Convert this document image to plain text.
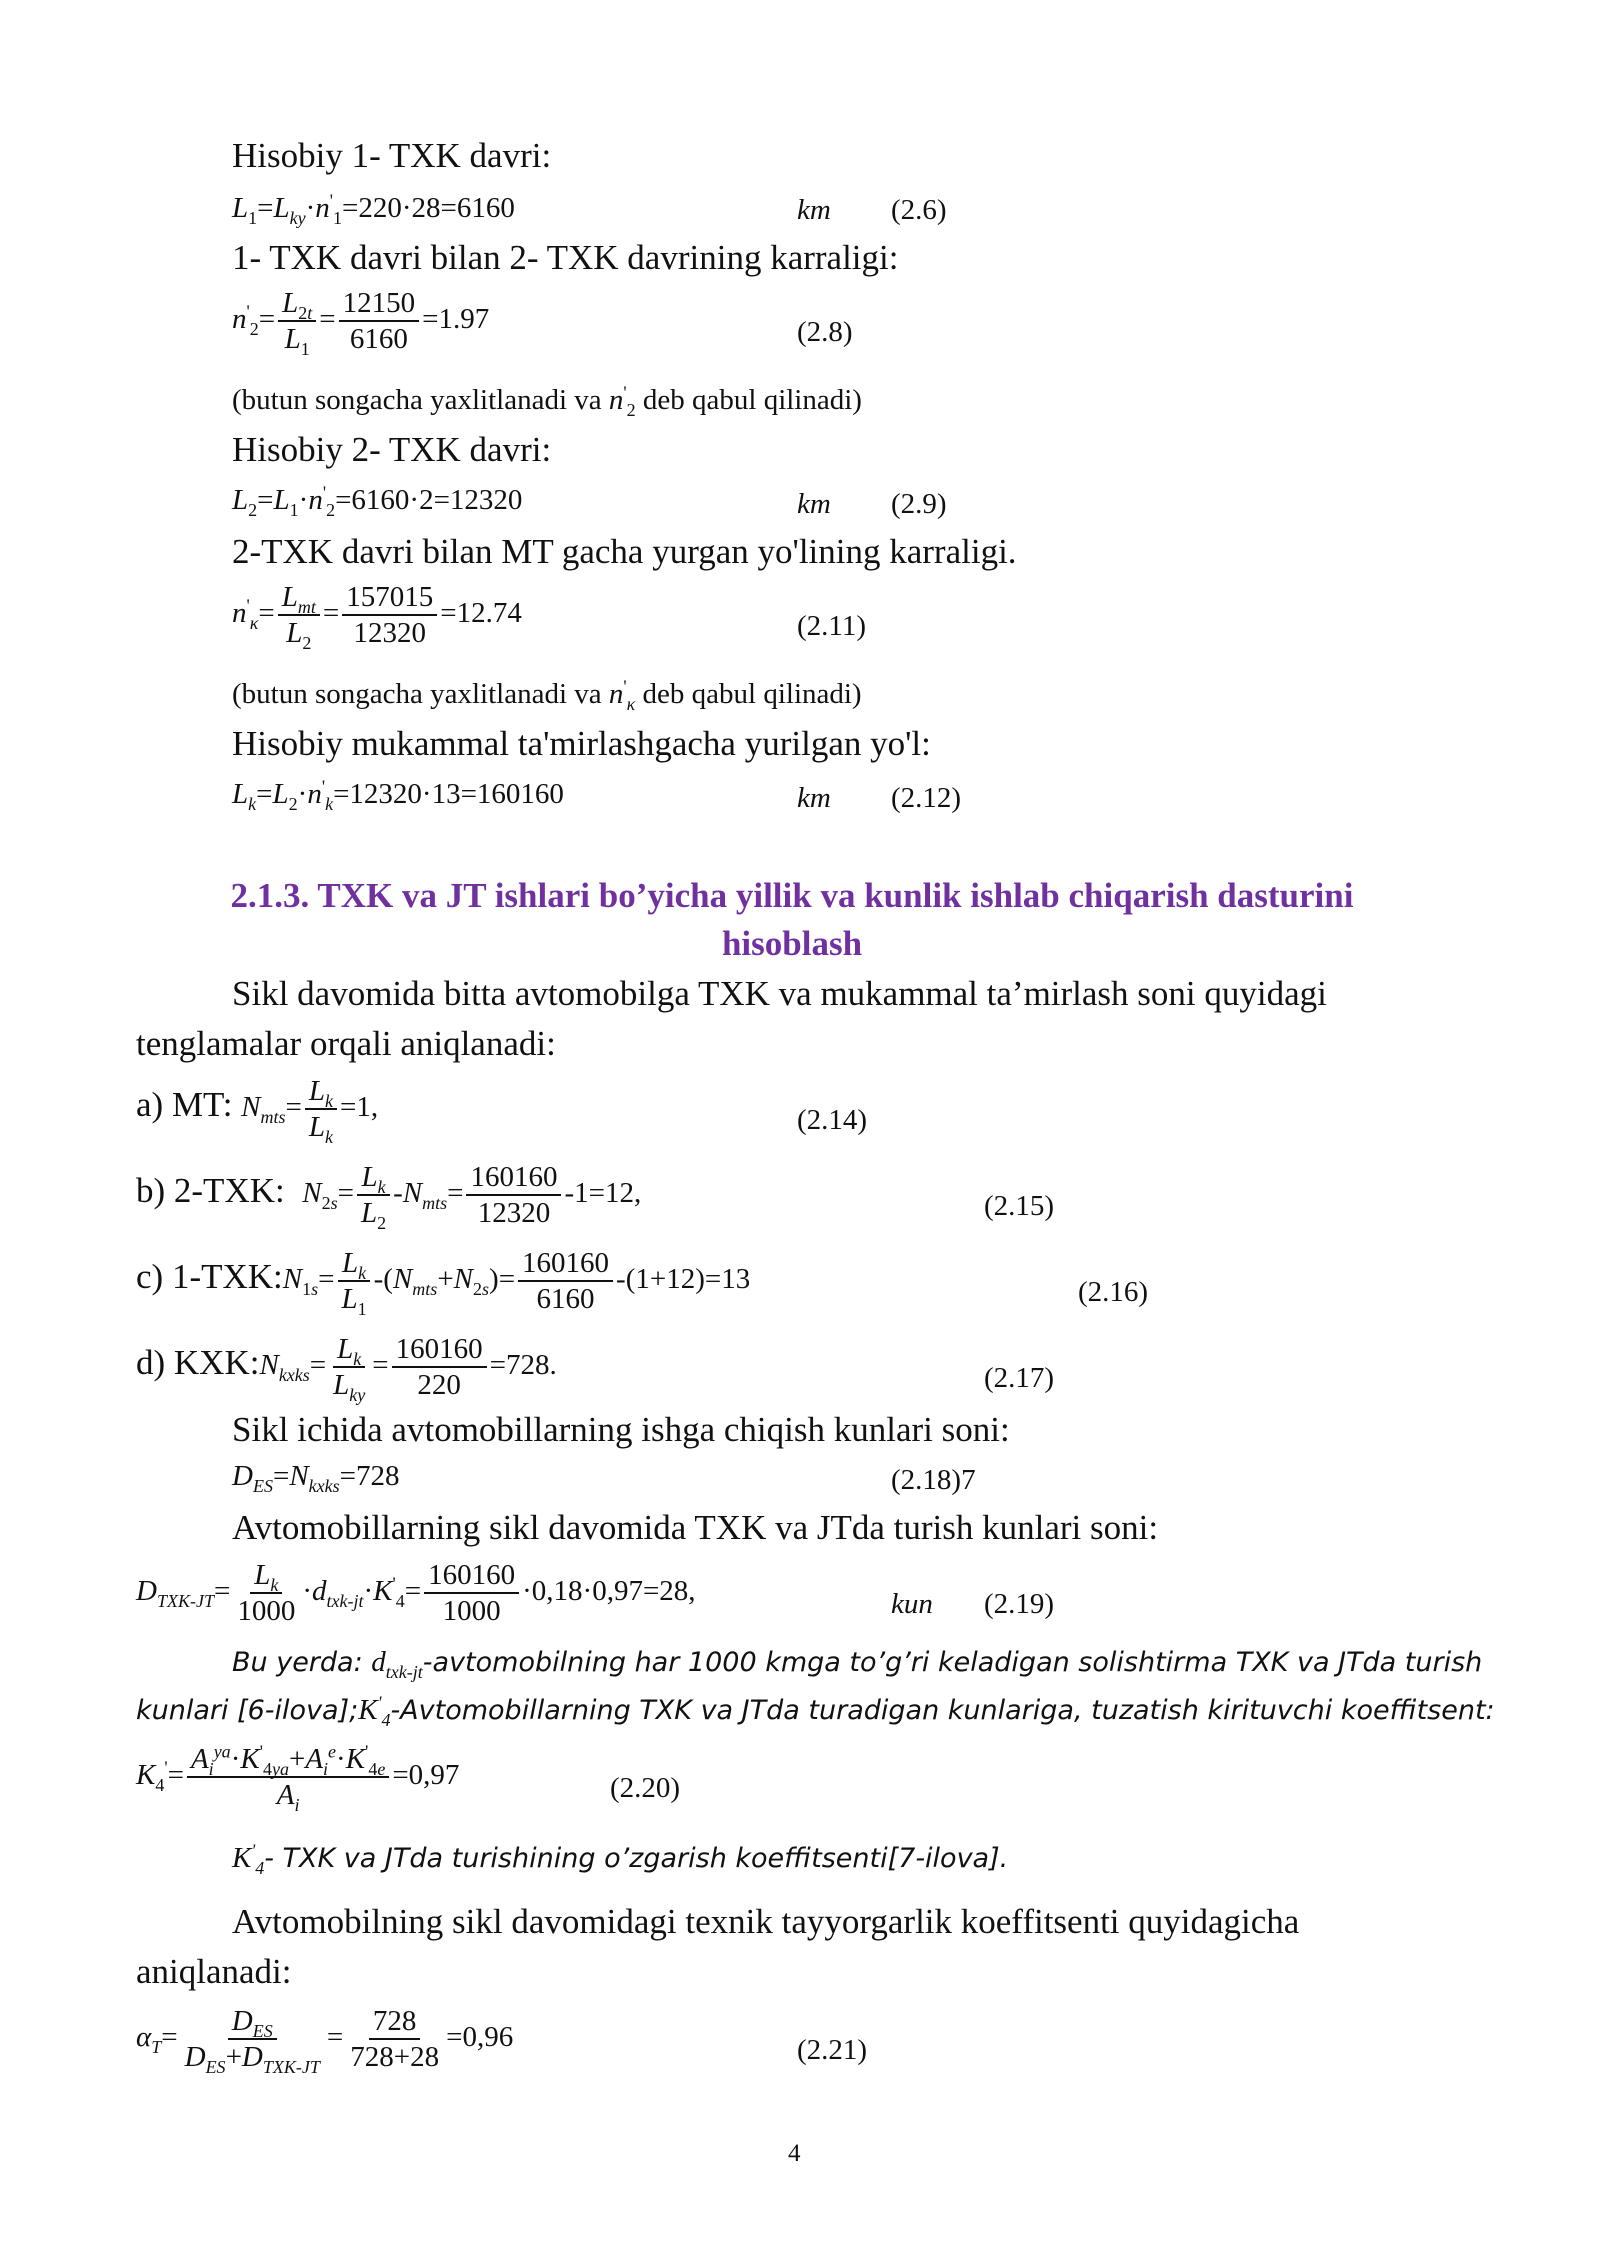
Hisobiy 1- TXK davri:
$L_1=L_{ky}\cdot n'_1=220\cdot 28=6160$	km (2.6)
1- TXK davri bilan 2- TXK davrining karraligi:
$n'_2= \frac{L_{2t}}{L_1} = \frac{12150}{6160} =1.97$	(2.8)
(butun songacha yaxlitlanadi va $n'_2$ deb qabul qilinadi)
Hisobiy 2- TXK davri:
$L_2=L_1\cdot n'_2=6160\cdot 2=12320$	km (2.9)
2-TXK davri bilan MT gacha yurgan yo'lining karraligi.
$n'_\kappa= \frac{L_{mt}}{L_2} = \frac{157015}{12320} =12.74$	(2.11)
(butun songacha yaxlitlanadi va $n'_\kappa$ deb qabul qilinadi)
Hisobiy mukammal ta'mirlashgacha yurilgan yo'l:
$L_k=L_2\cdot n'_k=12320\cdot 13=160160$	km (2.12)
2.1.3. TXK va JT ishlari bo’yicha yillik va kunlik ishlab chiqarish dasturini
hisoblash
Sikl davomida bitta avtomobilga TXK va mukammal ta’mirlash soni quyidagi
tenglamalar orqali aniqlanadi:
a) MT: $N_{mts}= \frac{L_k}{L_k} =1$,	(2.14)
b) 2-TXK:  $N_{2s}= \frac{L_k}{L_2} -N_{mts}= \frac{160160}{12320} -1=12$,	(2.15)
c) $1-TXK:N_{1s}= \frac{L_k}{L_1} -(N_{mts}+N_{2s})= \frac{160160}{6160} -(1+12)=13$	(2.16)
d) $KXK:N_{kxks}= \frac{L_k}{L_{ky}} = \frac{160160}{220} =728$.	(2.17)
Sikl ichida avtomobillarning ishga chiqish kunlari soni:
$D_{ES}=N_{kxks}=728$	(2.18)7
Avtomobillarning sikl davomida TXK va JTda turish kunlari soni:
$D_{TXK-JT}= \frac{L_k}{1000} \cdot d_{txk-jt}\cdot K'_4= \frac{160160}{1000} \cdot 0,18\cdot 0,97=28$,	kun (2.19)
Bu yerda: $d_{txk-jt}$-avtomobilning har 1000 kmga to’g’ri keladigan solishtirma TXK va JTda turish
kunlari $[6-ilova];K'_4$-Avtomobillarning TXK va JTda turadigan kunlariga, tuzatish kirituvchi koeffitsent:
$K_4'= \frac{A_i^{ya}\cdot K'_{4ya}+A_i^e\cdot K'_{4e}}{A_i} =0,97$	(2.20)
$K'_4-$ TXK va JTda turishining o’zgarish koeffitsenti[7-ilova].
Avtomobilning sikl davomidagi texnik tayyorgarlik koeffitsenti quyidagicha
aniqlanadi:
$\alpha_T= \frac{D_{ES}}{D_{ES}+D_{TXK-JT}} = \frac{728}{728+28} =0,96$	(2.21)
4
